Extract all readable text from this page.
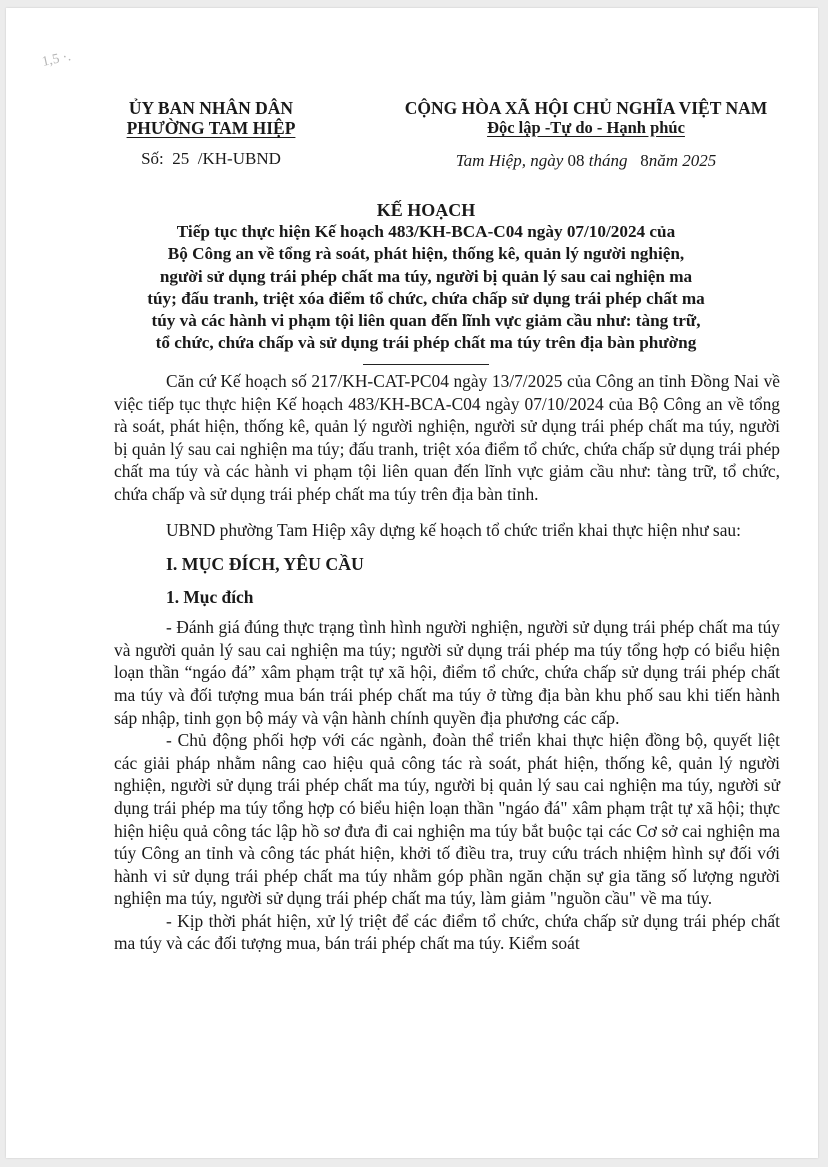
1,5 ·.
ỦY BAN NHÂN DÂN
PHƯỜNG TAM HIỆP
Số: 25 /KH-UBND
CỘNG HÒA XÃ HỘI CHỦ NGHĨA VIỆT NAM
Độc lập -Tự do - Hạnh phúc
Tam Hiệp, ngày 08 tháng 8năm 2025
KẾ HOẠCH
Tiếp tục thực hiện Kế hoạch 483/KH-BCA-C04 ngày 07/10/2024 của
Bộ Công an về tổng rà soát, phát hiện, thống kê, quản lý người nghiện,
người sử dụng trái phép chất ma túy, người bị quản lý sau cai nghiện ma
túy; đấu tranh, triệt xóa điểm tổ chức, chứa chấp sử dụng trái phép chất ma
túy và các hành vi phạm tội liên quan đến lĩnh vực giảm cầu như: tàng trữ,
tổ chức, chứa chấp và sử dụng trái phép chất ma túy trên địa bàn phường

Căn cứ Kế hoạch số 217/KH-CAT-PC04 ngày 13/7/2025 của Công an tỉnh Đồng Nai về việc tiếp tục thực hiện Kế hoạch 483/KH-BCA-C04 ngày 07/10/2024 của Bộ Công an về tổng rà soát, phát hiện, thống kê, quản lý người nghiện, người sử dụng trái phép chất ma túy, người bị quản lý sau cai nghiện ma túy; đấu tranh, triệt xóa điểm tổ chức, chứa chấp sử dụng trái phép chất ma túy và các hành vi phạm tội liên quan đến lĩnh vực giảm cầu như: tàng trữ, tổ chức, chứa chấp và sử dụng trái phép chất ma túy trên địa bàn tỉnh.

UBND phường Tam Hiệp xây dựng kế hoạch tổ chức triển khai thực hiện như sau:

I. MỤC ĐÍCH, YÊU CẦU
1. Mục đích

- Đánh giá đúng thực trạng tình hình người nghiện, người sử dụng trái phép chất ma túy và người quản lý sau cai nghiện ma túy; người sử dụng trái phép ma túy tổng hợp có biểu hiện loạn thần “ngáo đá” xâm phạm trật tự xã hội, điểm tổ chức, chứa chấp sử dụng trái phép chất ma túy và đối tượng mua bán trái phép chất ma túy ở từng địa bàn khu phố sau khi tiến hành sáp nhập, tinh gọn bộ máy và vận hành chính quyền địa phương các cấp.

- Chủ động phối hợp với các ngành, đoàn thể triển khai thực hiện đồng bộ, quyết liệt các giải pháp nhằm nâng cao hiệu quả công tác rà soát, phát hiện, thống kê, quản lý người nghiện, người sử dụng trái phép chất ma túy, người bị quản lý sau cai nghiện ma túy, người sử dụng trái phép ma túy tổng hợp có biểu hiện loạn thần "ngáo đá" xâm phạm trật tự xã hội; thực hiện hiệu quả công tác lập hồ sơ đưa đi cai nghiện ma túy bắt buộc tại các Cơ sở cai nghiện ma túy Công an tỉnh và công tác phát hiện, khởi tố điều tra, truy cứu trách nhiệm hình sự đối với hành vi sử dụng trái phép chất ma túy nhằm góp phần ngăn chặn sự gia tăng số lượng người nghiện ma túy, người sử dụng trái phép chất ma túy, làm giảm "nguồn cầu" về ma túy.

- Kịp thời phát hiện, xử lý triệt để các điểm tổ chức, chứa chấp sử dụng trái phép chất ma túy và các đối tượng mua, bán trái phép chất ma túy. Kiểm soát
